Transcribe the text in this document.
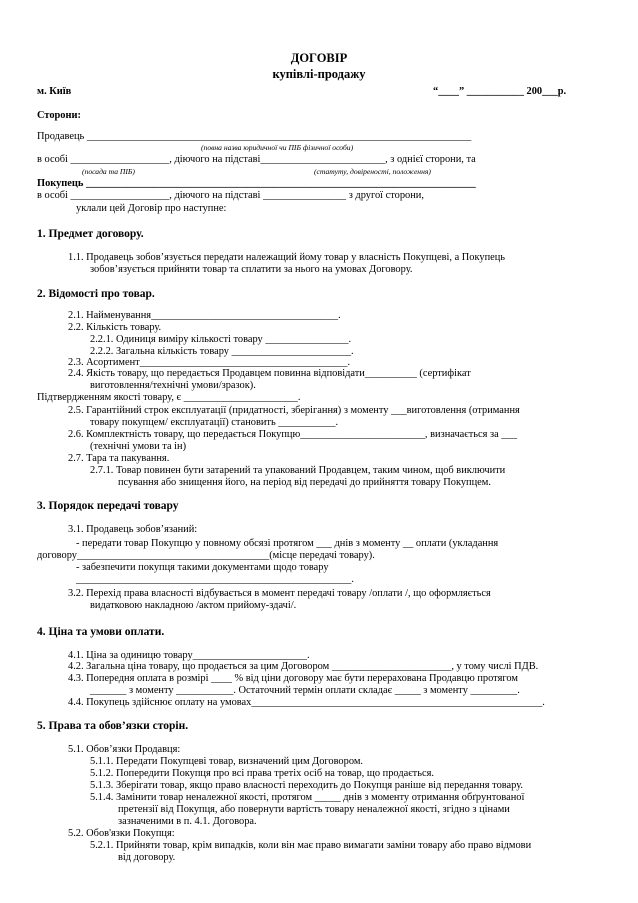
ДОГОВІР
купівлі-продажу
м. Київ	“____” ___________ 200___р.
Сторони:
Продавець __________________________________________________________________________
(повна назва юридичної чи ПІБ фізичної особи)
в особі ___________________, діючого на підставі________________________, з однієї сторони, та
(посада та ПІБ)	(статуту, довіреності, положення)
Покупець ___________________________________________________________________________
в особі ___________________, діючого на підставі ________________ з другої сторони,
уклали цей Договір про наступне:
1. Предмет договору.
1.1. Продавець зобов’язується передати належащий йому товар у власність Покупцеві, а Покупець
зобов’язується прийняти товар та сплатити за нього на умовах Договору.
2. Відомості про товар.
2.1. Найменування____________________________________.
2.2. Кількість товару.
2.2.1. Одиниця виміру кількості товару ________________.
2.2.2. Загальна кількість товару _______________________.
2.3. Асортимент________________________________________.
2.4. Якість товару, що передається Продавцем повинна відповідати__________ (сертифікат
виготовлення/технічні умови/зразок).
Підтвердженням якості товару, є ______________________.
2.5. Гарантійний строк експлуатації (придатності, зберігання) з моменту ___виготовлення (отримання
товару покупцем/ експлуатації) становить ___________.
2.6. Комплектність товару, що передається Покупцю________________________, визначається за ___
(технічні умови та ін)
2.7. Тара та пакування.
2.7.1. Товар повинен бути затарений та упакований Продавцем, таким чином, щоб виключити
псування або знищення його, на період від передачі до прийняття товару Покупцем.
3. Порядок передачі товару
3.1. Продавець зобов’язаний:
- передати товар Покупцю у повному обсязі протягом ___ днів з моменту __ оплати (укладання
договору_____________________________________(місце передачі товару).
- забезпечити покупця такими документами щодо товару
_____________________________________________________.
3.2. Перехід права власності відбувається в момент передачі товару /оплати /, що оформляється
видатковою накладною /актом прийому-здачі/.
4. Ціна та умови оплати.
4.1. Ціна за одиницю товару______________________.
4.2. Загальна ціна товару, що продається за цим Договором _______________________, у тому числі ПДВ.
4.3. Попередня оплата в розмірі ____ % від ціни договору має бути перерахована Продавцю протягом
_______ з моменту ___________. Остаточний термін оплати складає _____ з моменту _________.
4.4. Покупець здійснює оплату на умовах________________________________________________________.
5. Права та обов’язки сторін.
5.1. Обов’язки Продавця:
5.1.1. Передати Покупцеві товар, визначений цим Договором.
5.1.2. Попередити Покупця про всі права третіх осіб на товар, що продається.
5.1.3. Зберігати товар, якщо право власності переходить до Покупця раніше від передання товару.
5.1.4. Замінити товар неналежної якості, протягом _____ днів з моменту отримання обґрунтованої
претензії від Покупця, або повернути вартість товару неналежної якості, згідно з цінами
зазначеними в п. 4.1. Договора.
5.2. Обов'язки Покупця:
5.2.1. Прийняти товар, крім випадків, коли він має право вимагати заміни товару або право відмови
від договору.
